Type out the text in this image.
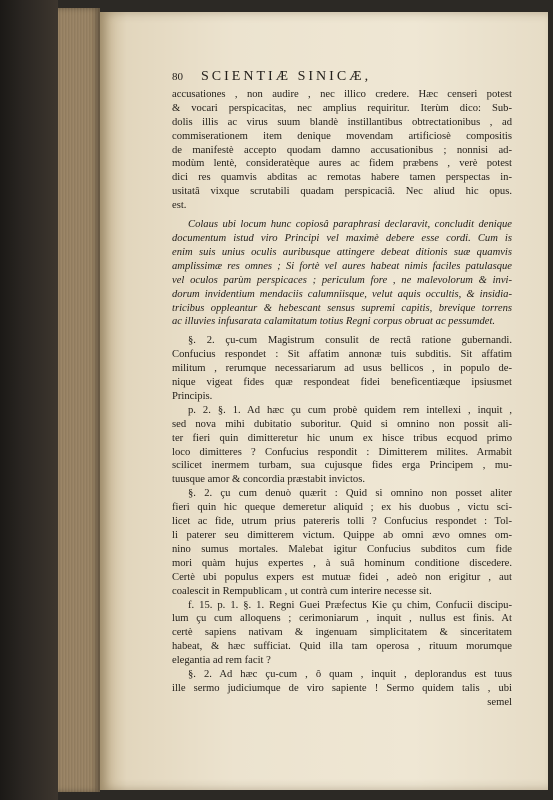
80 SCIENTIÆ SINICÆ,
accusationes , non audire , nec illico credere. Hæc censeri potest
& vocari perspicacitas, nec amplius requiritur. Iterùm dico: Sub-
dolis illis ac virus suum blandè instillantibus obtrectationibus , ad
commiserationem item denique movendam artificiosè compositis
de manifestè accepto quodam damno accusationibus ; nonnisi ad-
modùm lentè, consideratèque aures ac fidem præbens , verè potest
dici res quamvis abditas ac remotas habere tamen perspectas in-
usitatâ vixque scrutabili quadam perspicaciâ. Nec aliud hic opus.
est.
Colaus ubi locum hunc copiosâ paraphrasi declaravit, concludit denique
documentum istud viro Principi vel maximè debere esse cordi. Cum is
enim suis unius oculis auribusque attingere debeat ditionis suæ quamvis
amplissimæ res omnes ; Si fortè vel aures habeat nimis faciles patulasque
vel oculos parùm perspicaces ; periculum fore , ne malevolorum & invi-
dorum invidentium mendaciis calumniisque, velut aquis occultis, & insidia-
tricibus oppleantur & hebescant sensus supremi capitis, brevique torrens
ac illuvies infusarata calamitatum totius Regni corpus obruat ac pessumdet.
§. 2. çu-cum Magistrum consulit de rectâ ratione gubernandi.
Confucius respondet : Sit affatim annonæ tuis subditis. Sit affatim
militum , rerumque necessariarum ad usus bellicos , in populo de-
nique vigeat fides quæ respondeat fidei beneficentiæque ipsiusmet
Principis.
p. 2. §. 1. Ad hæc çu cum probè quidem rem intellexi , inquit ,
sed nova mihi dubitatio suboritur. Quid si omnino non possit ali-
ter fieri quin dimitteretur hic unum ex hisce tribus ecquod primo
loco dimitteres ? Confucius respondit : Dimitterem milites. Armabit
scilicet inermem turbam, sua cujusque fides erga Principem , mu-
tuusque amor & concordia præstabit invictos.
§. 2. çu cum denuò quærit : Quid si omnino non posset aliter
fieri quin hic queque demeretur aliquid ; ex his duobus , victu sci-
licet ac fide, utrum prius patereris tolli ? Confucius respondet : Tol-
li paterer seu dimitterem victum. Quippe ab omni ævo omnes om-
nino sumus mortales. Malebat igitur Confucius subditos cum fide
mori quàm hujus expertes , à suâ hominum conditione discedere.
Certè ubi populus expers est mutuæ fidei , adeò non erigitur , aut
coalescit in Rempublicam , ut contrà cum interire necesse sit.
f. 15. p. 1. §. 1. Regni Guei Præfectus Kie çu chim, Confucii discipu-
lum çu cum alloquens ; cerimoniarum , inquit , nullus est finis. At
certè sapiens nativam & ingenuam simplicitatem & sinceritatem
habeat, & hæc sufficiat. Quid illa tam operosa , rituum morumque
elegantia ad rem facit ?
§. 2. Ad hæc çu-cum , ô quam , inquit , deplorandus est tuus
ille sermo judiciumque de viro sapiente ! Sermo quidem talis , ubi
semel
